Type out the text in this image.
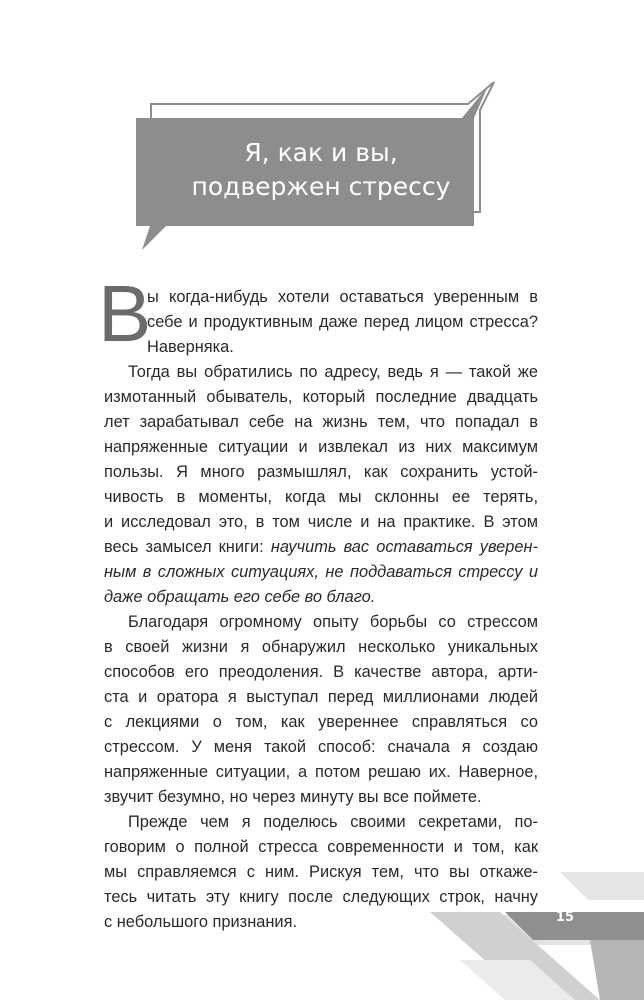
Я, как и вы,
подвержен стрессу
В
ы когда-нибудь хотели оставаться уверенным в
себе и продуктивным даже перед лицом стресса?
Наверняка.
Тогда вы обратились по адресу, ведь я — такой же
измотанный обыватель, который последние двадцать
лет зарабатывал себе на жизнь тем, что попадал в
напряженные ситуации и извлекал из них максимум
пользы. Я много размышлял, как сохранить устой-
чивость в моменты, когда мы склонны ее терять,
и исследовал это, в том числе и на практике. В этом
весь замысел книги: научить вас оставаться уверен-
ным в сложных ситуациях, не поддаваться стрессу и
даже обращать его себе во благо.
Благодаря огромному опыту борьбы со стрессом
в своей жизни я обнаружил несколько уникальных
способов его преодоления. В качестве автора, арти-
ста и оратора я выступал перед миллионами людей
с лекциями о том, как увереннее справляться со
стрессом. У меня такой способ: сначала я создаю
напряженные ситуации, а потом решаю их. Наверное,
звучит безумно, но через минуту вы все поймете.
Прежде чем я поделюсь своими секретами, по-
говорим о полной стресса современности и том, как
мы справляемся с ним. Рискуя тем, что вы откаже-
тесь читать эту книгу после следующих строк, начну
с небольшого признания.	15
